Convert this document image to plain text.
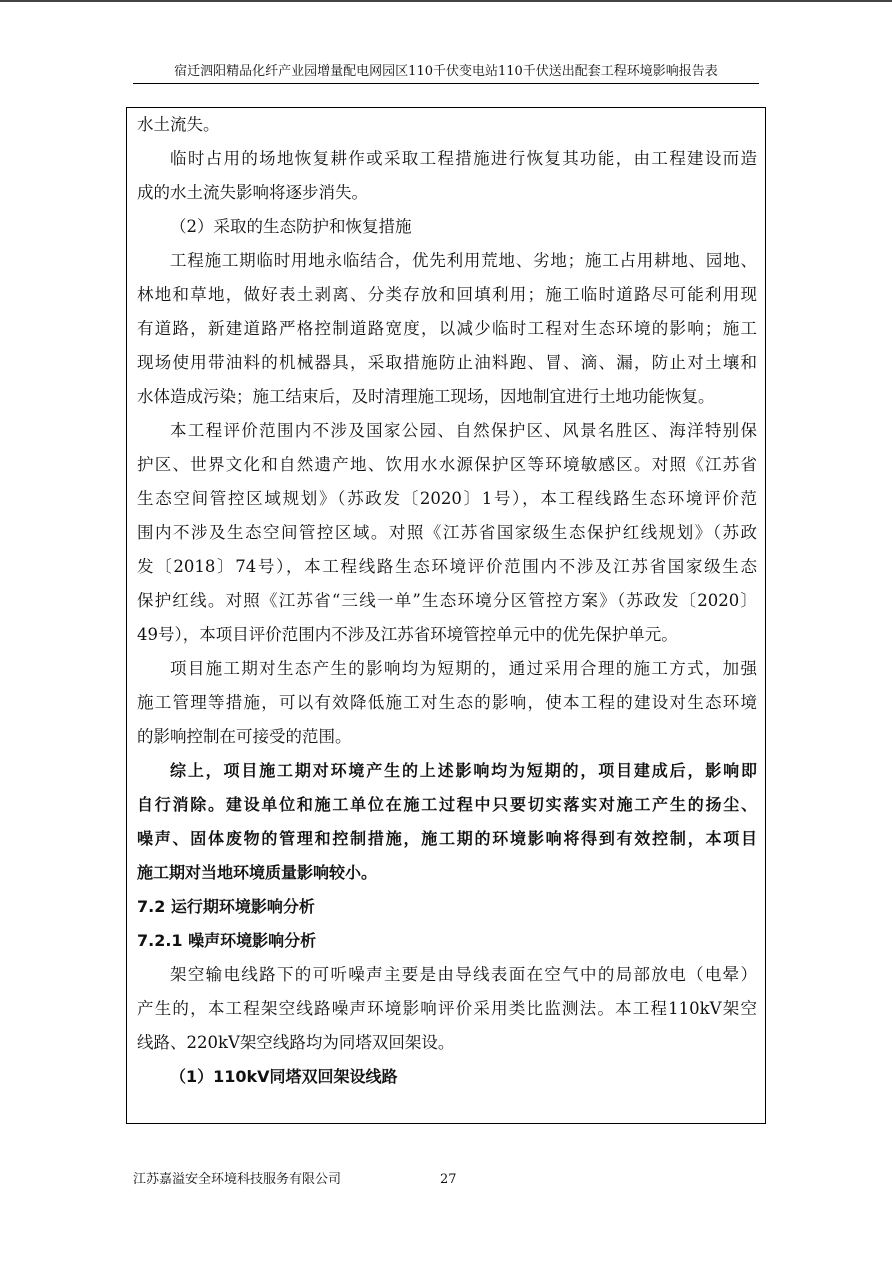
宿迁泗阳精品化纤产业园增量配电网园区110千伏变电站110千伏送出配套工程环境影响报告表
水土流失。
临时占用的场地恢复耕作或采取工程措施进行恢复其功能，由工程建设而造
成的水土流失影响将逐步消失。
（2）采取的生态防护和恢复措施
工程施工期临时用地永临结合，优先利用荒地、劣地；施工占用耕地、园地、
林地和草地，做好表土剥离、分类存放和回填利用；施工临时道路尽可能利用现
有道路，新建道路严格控制道路宽度，以减少临时工程对生态环境的影响；施工
现场使用带油料的机械器具，采取措施防止油料跑、冒、滴、漏，防止对土壤和
水体造成污染；施工结束后，及时清理施工现场，因地制宜进行土地功能恢复。
本工程评价范围内不涉及国家公园、自然保护区、风景名胜区、海洋特别保
护区、世界文化和自然遗产地、饮用水水源保护区等环境敏感区。对照《江苏省
生态空间管控区域规划》（苏政发〔2020〕1号），本工程线路生态环境评价范
围内不涉及生态空间管控区域。对照《江苏省国家级生态保护红线规划》（苏政
发〔2018〕74号），本工程线路生态环境评价范围内不涉及江苏省国家级生态
保护红线。对照《江苏省“三线一单”生态环境分区管控方案》（苏政发〔2020〕
49号），本项目评价范围内不涉及江苏省环境管控单元中的优先保护单元。
项目施工期对生态产生的影响均为短期的，通过采用合理的施工方式，加强
施工管理等措施，可以有效降低施工对生态的影响，使本工程的建设对生态环境
的影响控制在可接受的范围。
综上，项目施工期对环境产生的上述影响均为短期的，项目建成后，影响即
自行消除。建设单位和施工单位在施工过程中只要切实落实对施工产生的扬尘、
噪声、固体废物的管理和控制措施，施工期的环境影响将得到有效控制，本项目
施工期对当地环境质量影响较小。
7.2 运行期环境影响分析
7.2.1 噪声环境影响分析
架空输电线路下的可听噪声主要是由导线表面在空气中的局部放电（电晕）
产生的，本工程架空线路噪声环境影响评价采用类比监测法。本工程110kV架空
线路、220kV架空线路均为同塔双回架设。
（1）110kV同塔双回架设线路
江苏嘉溢安全环境科技服务有限公司	27
